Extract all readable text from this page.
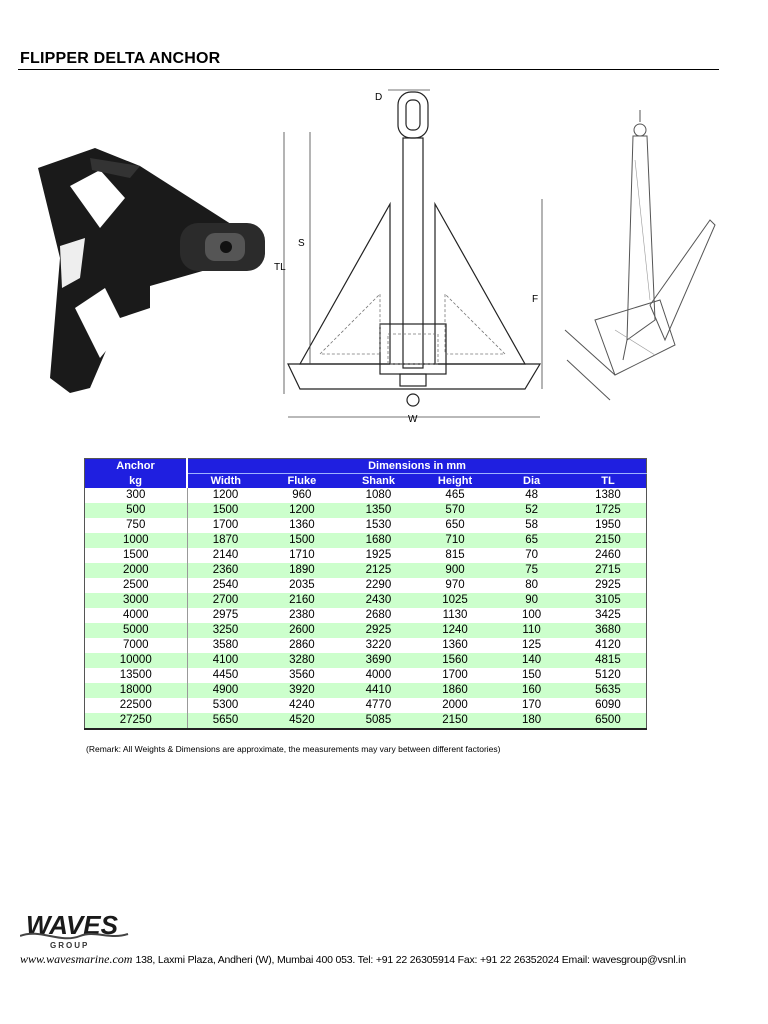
FLIPPER DELTA ANCHOR
D
S
TL
F
W
Anchor	Dimensions in mm					
kg	Width	Fluke	Shank	Height	Dia	TL
300	1200	960	1080	465	48	1380
500	1500	1200	1350	570	52	1725
750	1700	1360	1530	650	58	1950
1000	1870	1500	1680	710	65	2150
1500	2140	1710	1925	815	70	2460
2000	2360	1890	2125	900	75	2715
2500	2540	2035	2290	970	80	2925
3000	2700	2160	2430	1025	90	3105
4000	2975	2380	2680	1130	100	3425
5000	3250	2600	2925	1240	110	3680
7000	3580	2860	3220	1360	125	4120
10000	4100	3280	3690	1560	140	4815
13500	4450	3560	4000	1700	150	5120
18000	4900	3920	4410	1860	160	5635
22500	5300	4240	4770	2000	170	6090
27250	5650	4520	5085	2150	180	6500
(Remark: All Weights & Dimensions are approximate, the measurements may vary between different factories)
WAVES
GROUP
www.wavesmarine.com 138, Laxmi Plaza, Andheri (W), Mumbai 400 053. Tel: +91 22 26305914 Fax: +91 22 26352024 Email: wavesgroup@vsnl.in
